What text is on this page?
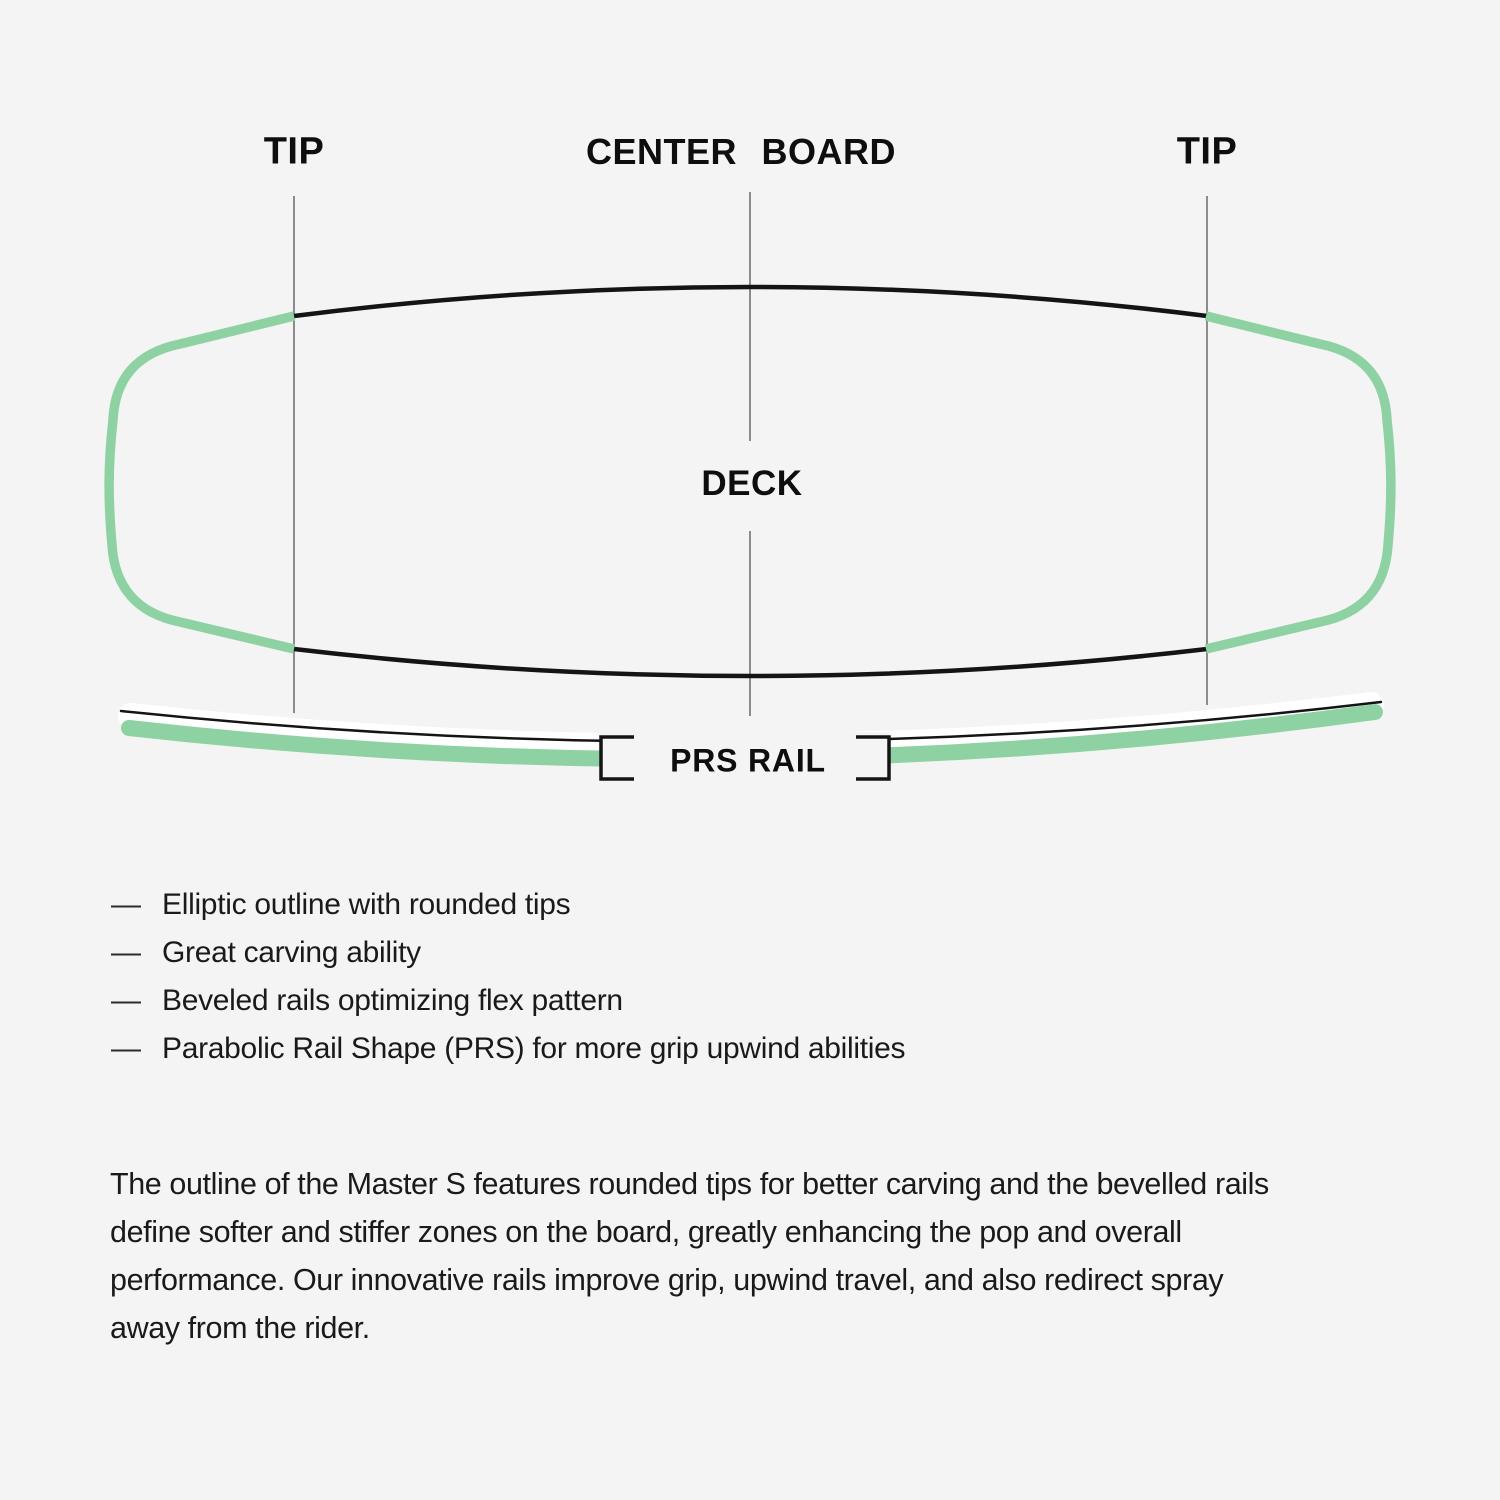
TIP	CENTER BOARD	TIP
DECK
PRS RAIL
— Elliptic outline with rounded tips
— Great carving ability
— Beveled rails optimizing flex pattern
— Parabolic Rail Shape (PRS) for more grip upwind abilities
The outline of the Master S features rounded tips for better carving and the bevelled rails
define softer and stiffer zones on the board, greatly enhancing the pop and overall
performance. Our innovative rails improve grip, upwind travel, and also redirect spray
away from the rider.
